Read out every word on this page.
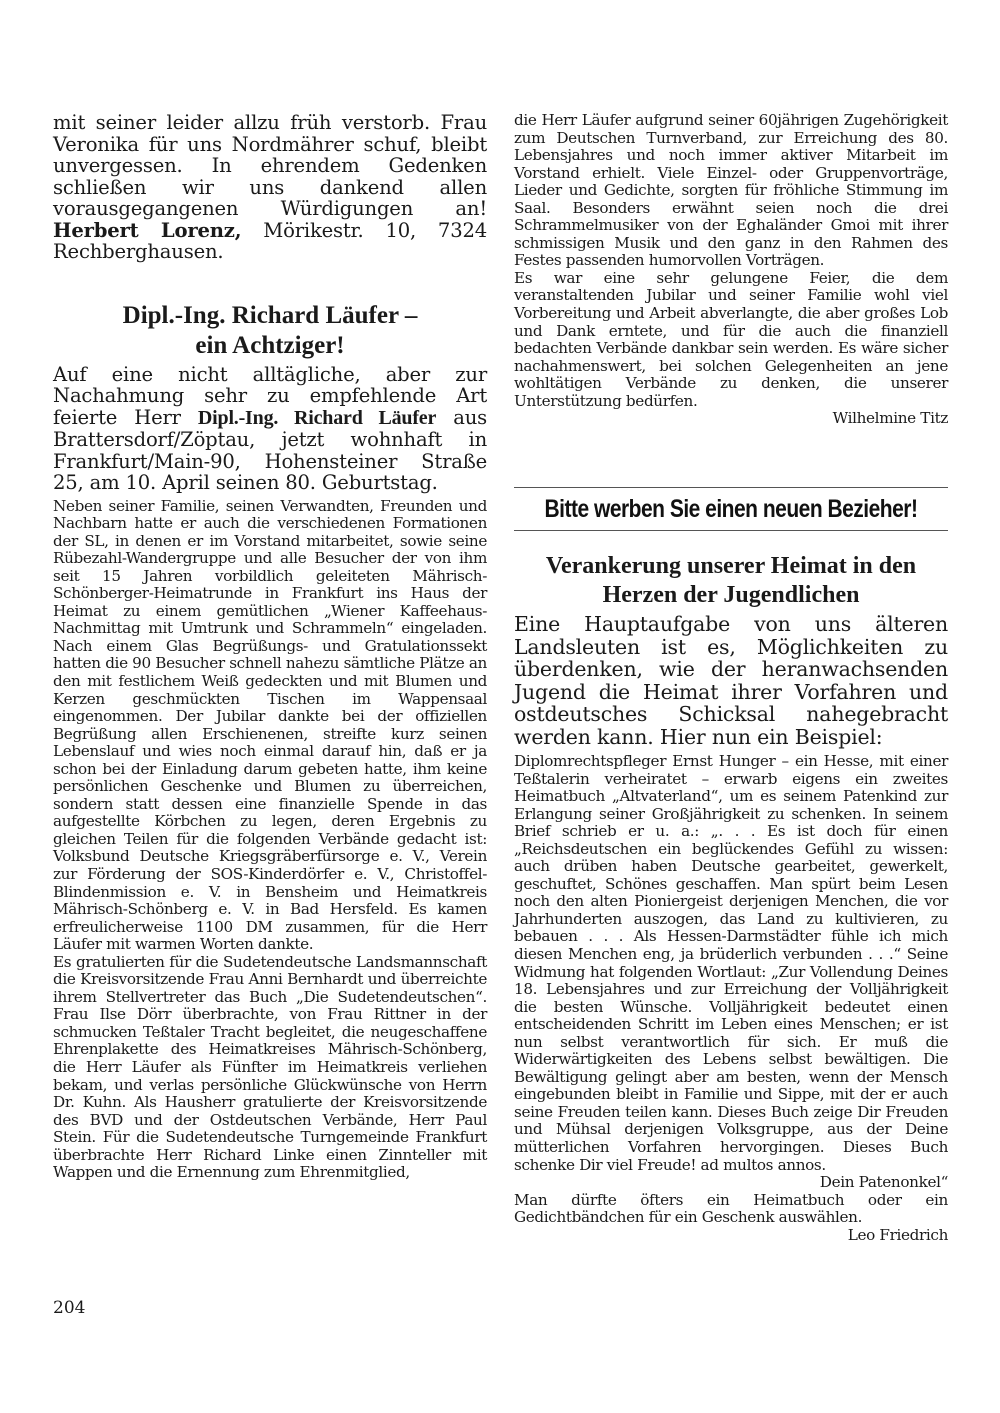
mit seiner leider allzu früh verstorb. Frau Veronika für uns Nordmährer schuf, bleibt unvergessen. In ehrendem Gedenken schließen wir uns dankend allen vorausgegangenen Würdigungen an! Herbert Lorenz, Mörikestr. 10, 7324 Rechberghausen.

Dipl.-Ing. Richard Läufer –
ein Achtziger!

Auf eine nicht alltägliche, aber zur Nachahmung sehr zu empfehlende Art feierte Herr Dipl.-Ing. Richard Läufer aus Brattersdorf/Zöptau, jetzt wohnhaft in Frankfurt/Main-90, Hohensteiner Straße 25, am 10. April seinen 80. Geburtstag.

Neben seiner Familie, seinen Verwandten, Freunden und Nachbarn hatte er auch die verschiedenen Formationen der SL, in denen er im Vorstand mitarbeitet, sowie seine Rübezahl-Wandergruppe und alle Besucher der von ihm seit 15 Jahren vorbildlich geleiteten Mährisch-Schönberger-Heimatrunde in Frankfurt ins Haus der Heimat zu einem gemütlichen „Wiener Kaffeehaus-Nachmittag mit Umtrunk und Schrammeln“ eingeladen. Nach einem Glas Begrüßungs- und Gratulationssekt hatten die 90 Besucher schnell nahezu sämtliche Plätze an den mit festlichem Weiß gedeckten und mit Blumen und Kerzen geschmückten Tischen im Wappensaal eingenommen. Der Jubilar dankte bei der offiziellen Begrüßung allen Erschienenen, streifte kurz seinen Lebenslauf und wies noch einmal darauf hin, daß er ja schon bei der Einladung darum gebeten hatte, ihm keine persönlichen Geschenke und Blumen zu überreichen, sondern statt dessen eine finanzielle Spende in das aufgestellte Körbchen zu legen, deren Ergebnis zu gleichen Teilen für die folgenden Verbände gedacht ist: Volksbund Deutsche Kriegsgräberfürsorge e. V., Verein zur Förderung der SOS-Kinderdörfer e. V., Christoffel-Blindenmission e. V. in Bensheim und Heimatkreis Mährisch-Schönberg e. V. in Bad Hersfeld. Es kamen erfreulicherweise 1100 DM zusammen, für die Herr Läufer mit warmen Worten dankte.

Es gratulierten für die Sudetendeutsche Landsmannschaft die Kreisvorsitzende Frau Anni Bernhardt und überreichte ihrem Stellvertreter das Buch „Die Sudetendeutschen“. Frau Ilse Dörr überbrachte, von Frau Rittner in der schmucken Teßtaler Tracht begleitet, die neugeschaffene Ehrenplakette des Heimatkreises Mährisch-Schönberg, die Herr Läufer als Fünfter im Heimatkreis verliehen bekam, und verlas persönliche Glückwünsche von Herrn Dr. Kuhn. Als Hausherr gratulierte der Kreisvorsitzende des BVD und der Ostdeutschen Verbände, Herr Paul Stein. Für die Sudetendeutsche Turngemeinde Frankfurt überbrachte Herr Richard Linke einen Zinnteller mit Wappen und die Ernennung zum Ehrenmitglied,

die Herr Läufer aufgrund seiner 60jährigen Zugehörigkeit zum Deutschen Turnverband, zur Erreichung des 80. Lebensjahres und noch immer aktiver Mitarbeit im Vorstand erhielt. Viele Einzel- oder Gruppenvorträge, Lieder und Gedichte, sorgten für fröhliche Stimmung im Saal. Besonders erwähnt seien noch die drei Schrammelmusiker von der Eghaländer Gmoi mit ihrer schmissigen Musik und den ganz in den Rahmen des Festes passenden humorvollen Vorträgen.

Es war eine sehr gelungene Feier, die dem veranstaltenden Jubilar und seiner Familie wohl viel Vorbereitung und Arbeit abverlangte, die aber großes Lob und Dank erntete, und für die auch die finanziell bedachten Verbände dankbar sein werden. Es wäre sicher nachahmenswert, bei solchen Gelegenheiten an jene wohltätigen Verbände zu denken, die unserer Unterstützung bedürfen.

Wilhelmine Titz
Bitte werben Sie einen neuen Bezieher!
Verankerung unserer Heimat in den
Herzen der Jugendlichen

Eine Hauptaufgabe von uns älteren Landsleuten ist es, Möglichkeiten zu überdenken, wie der heranwachsenden Jugend die Heimat ihrer Vorfahren und ostdeutsches Schicksal nahegebracht werden kann. Hier nun ein Beispiel:

Diplomrechtspfleger Ernst Hunger – ein Hesse, mit einer Teßtalerin verheiratet – erwarb eigens ein zweites Heimatbuch „Altvaterland“, um es seinem Patenkind zur Erlangung seiner Großjährigkeit zu schenken. In seinem Brief schrieb er u. a.: „. . . Es ist doch für einen „Reichsdeutschen ein beglückendes Gefühl zu wissen: auch drüben haben Deutsche gearbeitet, gewerkelt, geschuftet, Schönes geschaffen. Man spürt beim Lesen noch den alten Pioniergeist derjenigen Menchen, die vor Jahrhunderten auszogen, das Land zu kultivieren, zu bebauen . . . Als Hessen-Darmstädter fühle ich mich diesen Menchen eng, ja brüderlich verbunden . . .“ Seine Widmung hat folgenden Wortlaut: „Zur Vollendung Deines 18. Lebensjahres und zur Erreichung der Volljährigkeit die besten Wünsche. Volljährigkeit bedeutet einen entscheidenden Schritt im Leben eines Menschen; er ist nun selbst verantwortlich für sich. Er muß die Widerwärtigkeiten des Lebens selbst bewältigen. Die Bewältigung gelingt aber am besten, wenn der Mensch eingebunden bleibt in Familie und Sippe, mit der er auch seine Freuden teilen kann. Dieses Buch zeige Dir Freuden und Mühsal derjenigen Volksgruppe, aus der Deine mütterlichen Vorfahren hervorgingen. Dieses Buch schenke Dir viel Freude! ad multos annos.
Dein Patenonkel“

Man dürfte öfters ein Heimatbuch oder ein Gedichtbändchen für ein Geschenk auswählen.

Leo Friedrich
204
